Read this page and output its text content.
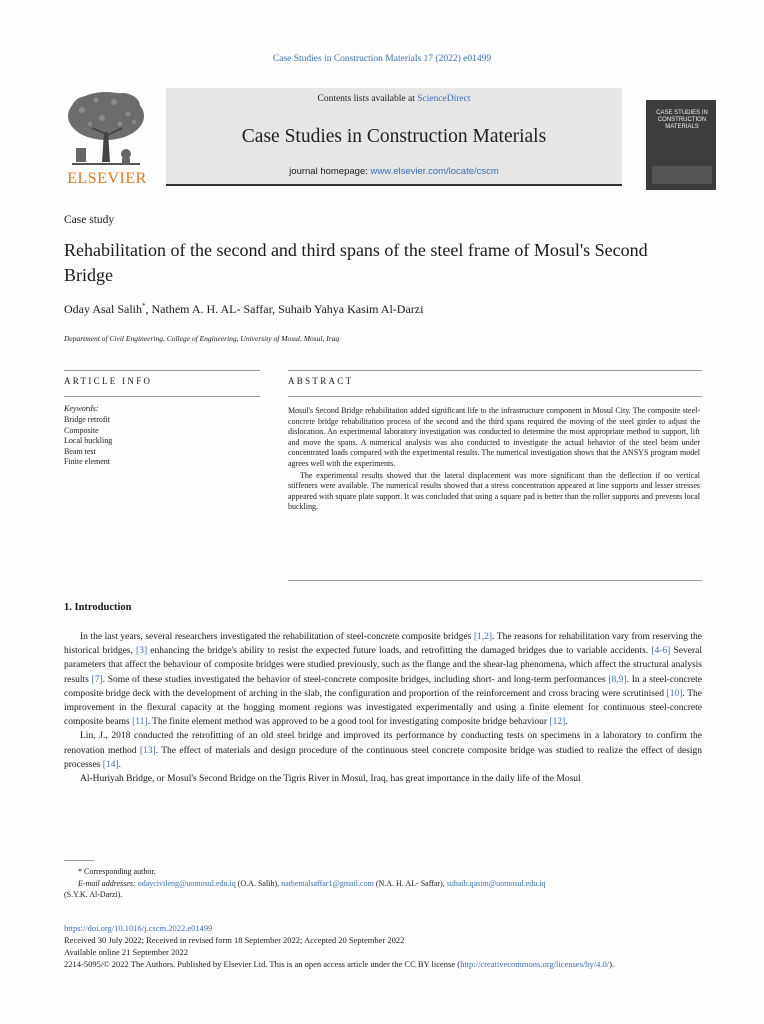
Case Studies in Construction Materials 17 (2022) e01499
ELSEVIER
Contents lists available at ScienceDirect
Case Studies in Construction Materials
journal homepage: www.elsevier.com/locate/cscm
CASE STUDIES IN CONSTRUCTION MATERIALS
Case study
Rehabilitation of the second and third spans of the steel frame of Mosul's Second Bridge
Oday Asal Salih*, Nathem A. H. AL- Saffar, Suhaib Yahya Kasim Al-Darzi
Department of Civil Engineering, College of Engineering, University of Mosul, Mosul, Iraq
ARTICLE INFO	ABSTRACT
Keywords:
Bridge retrofit
Composite
Local buckling
Beam test
Finite element

Mosul's Second Bridge rehabilitation added significant life to the infrastructure component in Mosul City. The composite steel-concrete bridge rehabilitation process of the second and the third spans required the moving of the steel girder to adjust the dislocation. An experimental laboratory investigation was conducted to determine the most appropriate method to support, lift and move the spans. A numerical analysis was also conducted to investigate the actual behavior of the steel beam under concentrated loads compared with the experimental results. The numerical investigation shows that the ANSYS program model agrees well with the experiments.

The experimental results showed that the lateral displacement was more significant than the deflection if no vertical stiffeners were available. The numerical results showed that a stress concentration appeared at line supports and lesser stresses appeared with square plate support. It was concluded that using a square pad is better than the roller supports and prevents local buckling.

1. Introduction

In the last years, several researchers investigated the rehabilitation of steel-concrete composite bridges [1,2]. The reasons for rehabilitation vary from reserving the historical bridges, [3] enhancing the bridge's ability to resist the expected future loads, and retrofitting the damaged bridges due to variable accidents. [4-6] Several parameters that affect the behaviour of composite bridges were studied previously, such as the flange and the shear-lag phenomena, which affect the structural analysis results [7]. Some of these studies investigated the behavior of steel-concrete composite bridges, including short- and long-term performances [8,9]. In a steel-concrete composite bridge deck with the development of arching in the slab, the configuration and proportion of the reinforcement and cross bracing were scrutinised [10]. The improvement in the flexural capacity at the hogging moment regions was investigated experimentally and using a finite element for continuous steel-concrete composite beams [11]. The finite element method was approved to be a good tool for investigating composite bridge behaviour [12].

Lin, J., 2018 conducted the retrofitting of an old steel bridge and improved its performance by conducting tests on specimens in a laboratory to confirm the renovation method [13]. The effect of materials and design procedure of the continuous steel concrete composite bridge was studied to realize the effect of design processes [14].

Al-Huriyah Bridge, or Mosul's Second Bridge on the Tigris River in Mosul, Iraq, has great importance in the daily life of the Mosul

* Corresponding author.

E-mail addresses: odaycivileng@uomosul.edu.iq (O.A. Salih), nathemalsaffar1@gmail.com (N.A. H. AL- Saffar), suhaib.qasim@uomosul.edu.iq

(S.Y.K. Al-Darzi).

https://doi.org/10.1016/j.cscm.2022.e01499

Received 30 July 2022; Received in revised form 18 September 2022; Accepted 20 September 2022

Available online 21 September 2022

2214-5095/© 2022 The Authors. Published by Elsevier Ltd. This is an open access article under the CC BY license (http://creativecommons.org/licenses/by/4.0/).
